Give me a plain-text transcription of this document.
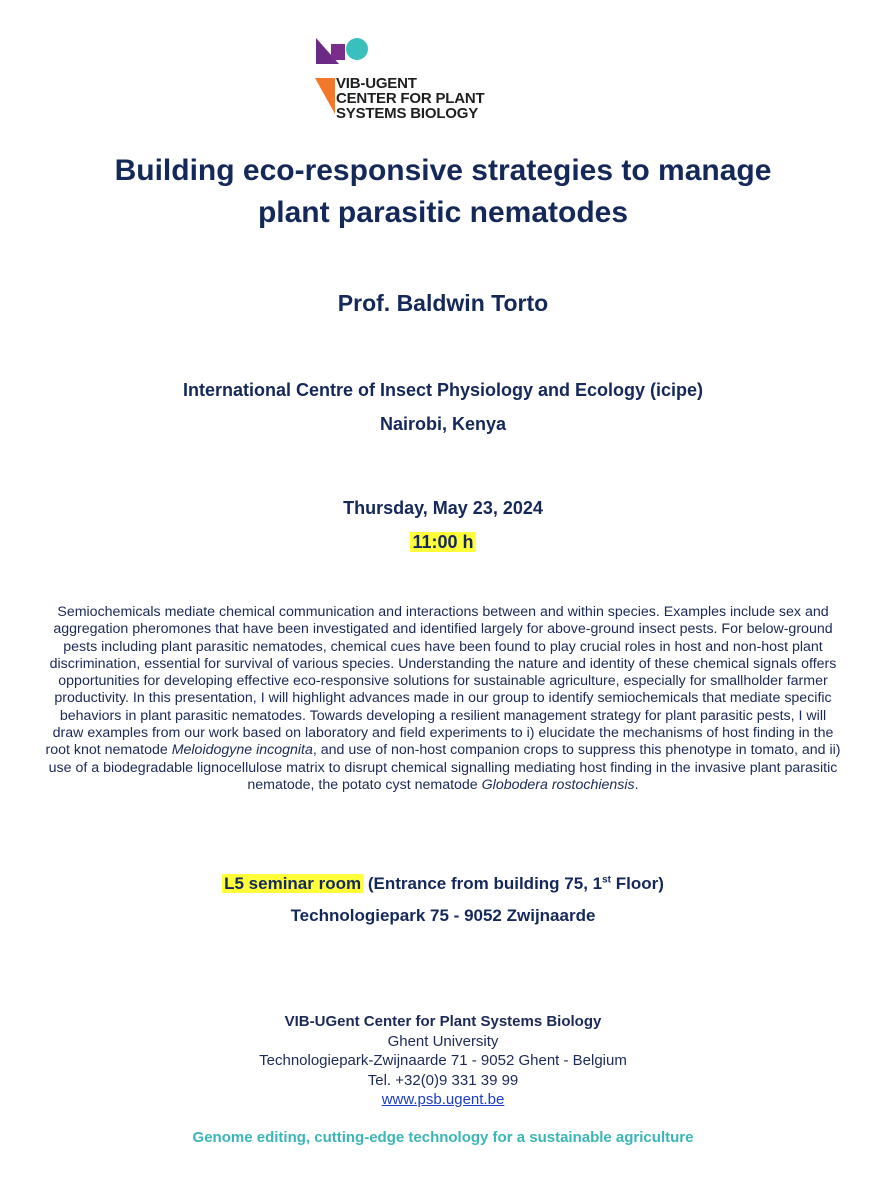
VIB-UGENT
CENTER FOR PLANT
SYSTEMS BIOLOGY
Building eco-responsive strategies to manage
plant parasitic nematodes
Prof. Baldwin Torto
International Centre of Insect Physiology and Ecology (icipe)
Nairobi, Kenya
Thursday, May 23, 2024
11:00 h
Semiochemicals mediate chemical communication and interactions between and within species. Examples include sex and aggregation pheromones that have been investigated and identified largely for above-ground insect pests. For below-ground pests including plant parasitic nematodes, chemical cues have been found to play crucial roles in host and non-host plant discrimination, essential for survival of various species. Understanding the nature and identity of these chemical signals offers opportunities for developing effective eco-responsive solutions for sustainable agriculture, especially for smallholder farmer productivity. In this presentation, I will highlight advances made in our group to identify semiochemicals that mediate specific behaviors in plant parasitic nematodes. Towards developing a resilient management strategy for plant parasitic pests, I will draw examples from our work based on laboratory and field experiments to i) elucidate the mechanisms of host finding in the root knot nematode Meloidogyne incognita, and use of non-host companion crops to suppress this phenotype in tomato, and ii) use of a biodegradable lignocellulose matrix to disrupt chemical signalling mediating host finding in the invasive plant parasitic nematode, the potato cyst nematode Globodera rostochiensis.
L5 seminar room (Entrance from building 75, 1st Floor)
Technologiepark 75 - 9052 Zwijnaarde
VIB-UGent Center for Plant Systems Biology
Ghent University
Technologiepark-Zwijnaarde 71 - 9052 Ghent - Belgium
Tel. +32(0)9 331 39 99
www.psb.ugent.be
Genome editing, cutting-edge technology for a sustainable agriculture
